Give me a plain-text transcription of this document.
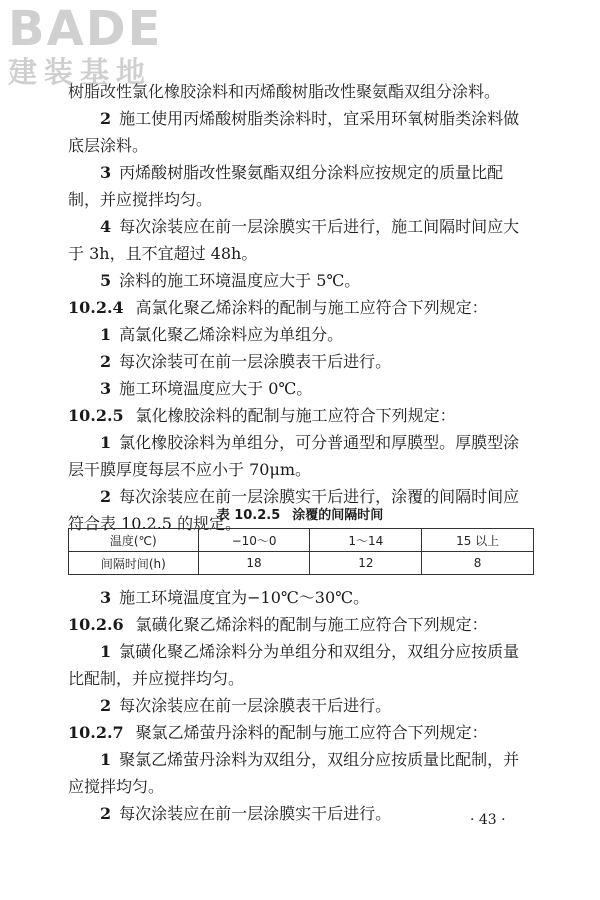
BADE
建装基地
树脂改性氯化橡胶涂料和丙烯酸树脂改性聚氨酯双组分涂料。
2 施工使用丙烯酸树脂类涂料时，宜采用环氧树脂类涂料做
底层涂料。
3 丙烯酸树脂改性聚氨酯双组分涂料应按规定的质量比配
制，并应搅拌均匀。
4 每次涂装应在前一层涂膜实干后进行，施工间隔时间应大
于 3h，且不宜超过 48h。
5 涂料的施工环境温度应大于 5℃。
10.2.4 高氯化聚乙烯涂料的配制与施工应符合下列规定：
1 高氯化聚乙烯涂料应为单组分。
2 每次涂装可在前一层涂膜表干后进行。
3 施工环境温度应大于 0℃。
10.2.5 氯化橡胶涂料的配制与施工应符合下列规定：
1 氯化橡胶涂料为单组分，可分普通型和厚膜型。厚膜型涂
层干膜厚度每层不应小于 70μm。
2 每次涂装应在前一层涂膜实干后进行，涂覆的间隔时间应
符合表 10.2.5 的规定。
表 10.2.5 涂覆的间隔时间
温度(℃)	−10～0	1～14	15 以上
间隔时间(h)	18	12	8
3 施工环境温度宜为−10℃～30℃。
10.2.6 氯磺化聚乙烯涂料的配制与施工应符合下列规定：
1 氯磺化聚乙烯涂料分为单组分和双组分，双组分应按质量
比配制，并应搅拌均匀。
2 每次涂装应在前一层涂膜表干后进行。
10.2.7 聚氯乙烯萤丹涂料的配制与施工应符合下列规定：
1 聚氯乙烯萤丹涂料为双组分，双组分应按质量比配制，并
应搅拌均匀。
2 每次涂装应在前一层涂膜实干后进行。	· 43 ·
